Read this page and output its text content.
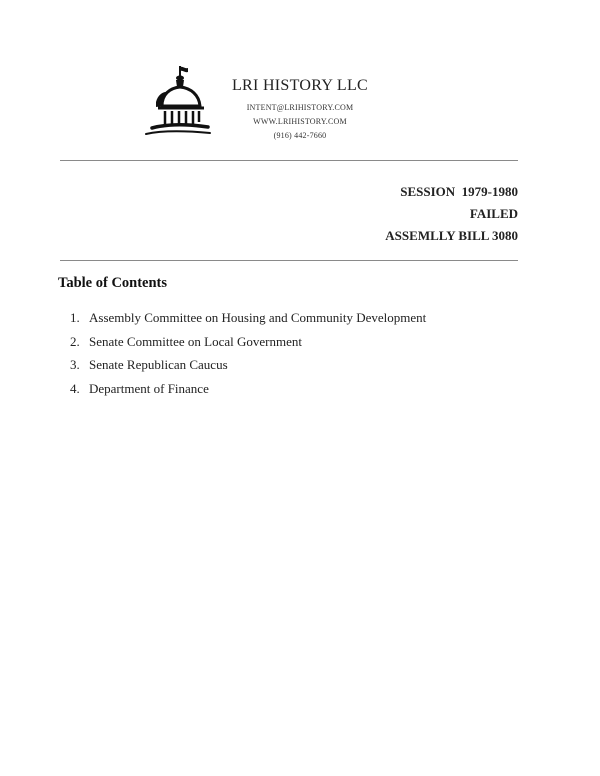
LRI HISTORY LLC
INTENT@LRIHISTORY.COM
WWW.LRIHISTORY.COM
(916) 442-7660
SESSION  1979-1980
FAILED
ASSEMLLY BILL 3080
Table of Contents
1. Assembly Committee on Housing and Community Development
2. Senate Committee on Local Government
3. Senate Republican Caucus
4. Department of Finance
